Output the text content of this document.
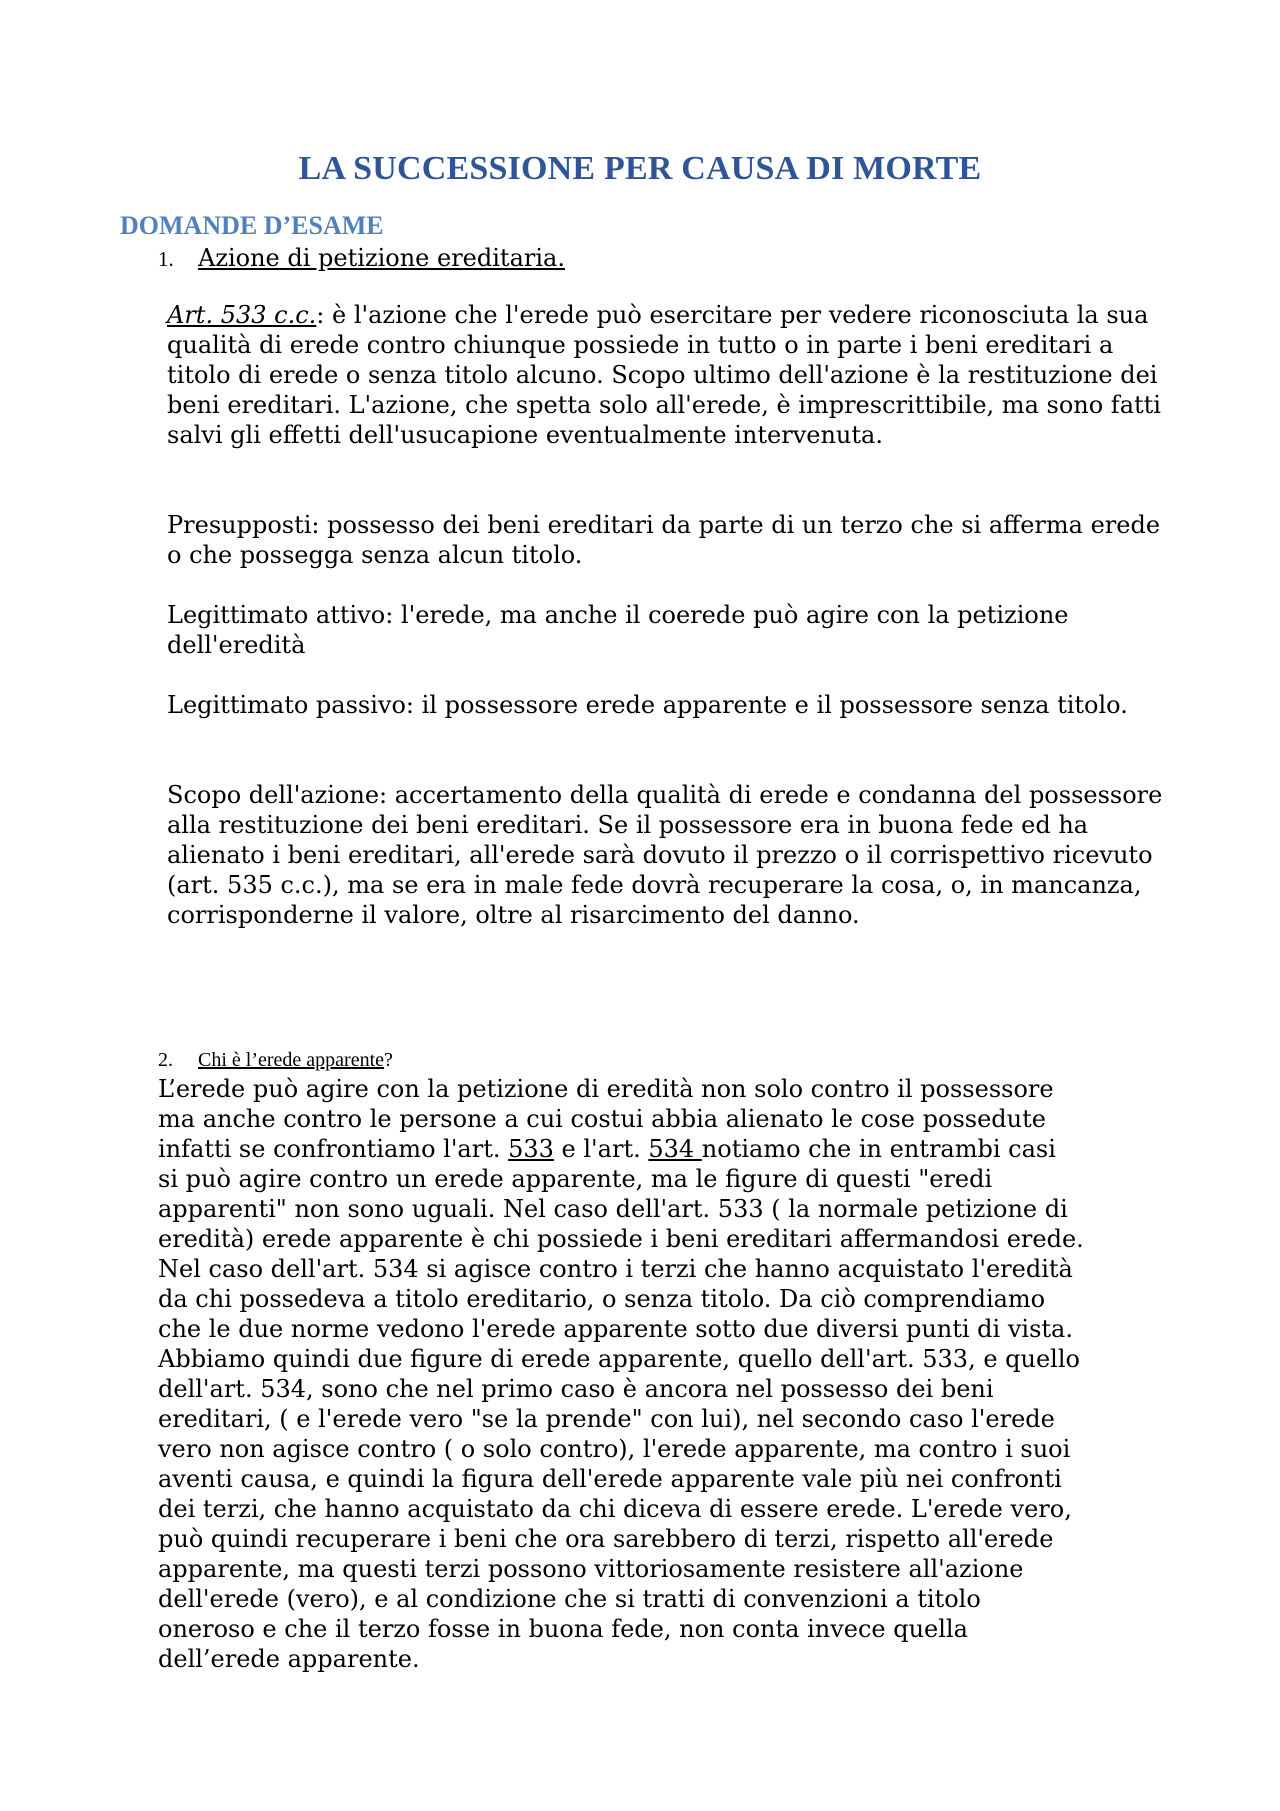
LA SUCCESSIONE PER CAUSA DI MORTE
DOMANDE D’ESAME
1. Azione di petizione ereditaria.

Art. 533 c.c.: è l'azione che l'erede può esercitare per vedere riconosciuta la sua qualità di erede contro chiunque possiede in tutto o in parte i beni ereditari a titolo di erede o senza titolo alcuno. Scopo ultimo dell'azione è la restituzione dei beni ereditari. L'azione, che spetta solo all'erede, è imprescrittibile, ma sono fatti salvi gli effetti dell'usucapione eventualmente intervenuta.

Presupposti: possesso dei beni ereditari da parte di un terzo che si afferma erede o che possegga senza alcun titolo.

Legittimato attivo: l'erede, ma anche il coerede può agire con la petizione dell'eredità

Legittimato passivo: il possessore erede apparente e il possessore senza titolo.

Scopo dell'azione: accertamento della qualità di erede e condanna del possessore alla restituzione dei beni ereditari. Se il possessore era in buona fede ed ha alienato i beni ereditari, all'erede sarà dovuto il prezzo o il corrispettivo ricevuto (art. 535 c.c.), ma se era in male fede dovrà recuperare la cosa, o, in mancanza, corrisponderne il valore, oltre al risarcimento del danno.

2. Chi è l’erede apparente?
L’erede può agire con la petizione di eredità non solo contro il possessore
ma anche contro le persone a cui costui abbia alienato le cose possedute
infatti se confrontiamo l'art. 533 e l'art. 534 notiamo che in entrambi casi
si può agire contro un erede apparente, ma le figure di questi "eredi
apparenti" non sono uguali. Nel caso dell'art. 533 ( la normale petizione di
eredità) erede apparente è chi possiede i beni ereditari affermandosi erede.
Nel caso dell'art. 534 si agisce contro i terzi che hanno acquistato l'eredità
da chi possedeva a titolo ereditario, o senza titolo. Da ciò comprendiamo
che le due norme vedono l'erede apparente sotto due diversi punti di vista.
Abbiamo quindi due figure di erede apparente, quello dell'art. 533, e quello
dell'art. 534, sono che nel primo caso è ancora nel possesso dei beni
ereditari, ( e l'erede vero "se la prende" con lui), nel secondo caso l'erede
vero non agisce contro ( o solo contro), l'erede apparente, ma contro i suoi
aventi causa, e quindi la figura dell'erede apparente vale più nei confronti
dei terzi, che hanno acquistato da chi diceva di essere erede. L'erede vero,
può quindi recuperare i beni che ora sarebbero di terzi, rispetto all'erede
apparente, ma questi terzi possono vittoriosamente resistere all'azione
dell'erede (vero), e al condizione che si tratti di convenzioni a titolo
oneroso e che il terzo fosse in buona fede, non conta invece quella
dell’erede apparente.
